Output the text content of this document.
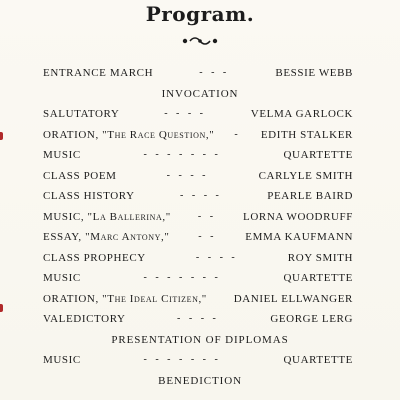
Program.
ENTRANCE MARCH	- - -	BESSIE WEBB
INVOCATION
SALUTATORY	- - - -	VELMA GARLOCK
ORATION, "The Race Question,"	-	EDITH STALKER
MUSIC	- - - - - - -	QUARTETTE
CLASS POEM	- - - -	CARLYLE SMITH
CLASS HISTORY	- - - -	PEARLE BAIRD
MUSIC, "La Ballerina,"	- -	LORNA WOODRUFF
ESSAY, "Marc Antony,"	- -	EMMA KAUFMANN
CLASS PROPHECY	- - - -	ROY SMITH
MUSIC	- - - - - - -	QUARTETTE
ORATION, "The Ideal Citizen," DANIEL ELLWANGER
VALEDICTORY	- - - -	GEORGE LERG
PRESENTATION OF DIPLOMAS
MUSIC	- - - - - - -	QUARTETTE
BENEDICTION
